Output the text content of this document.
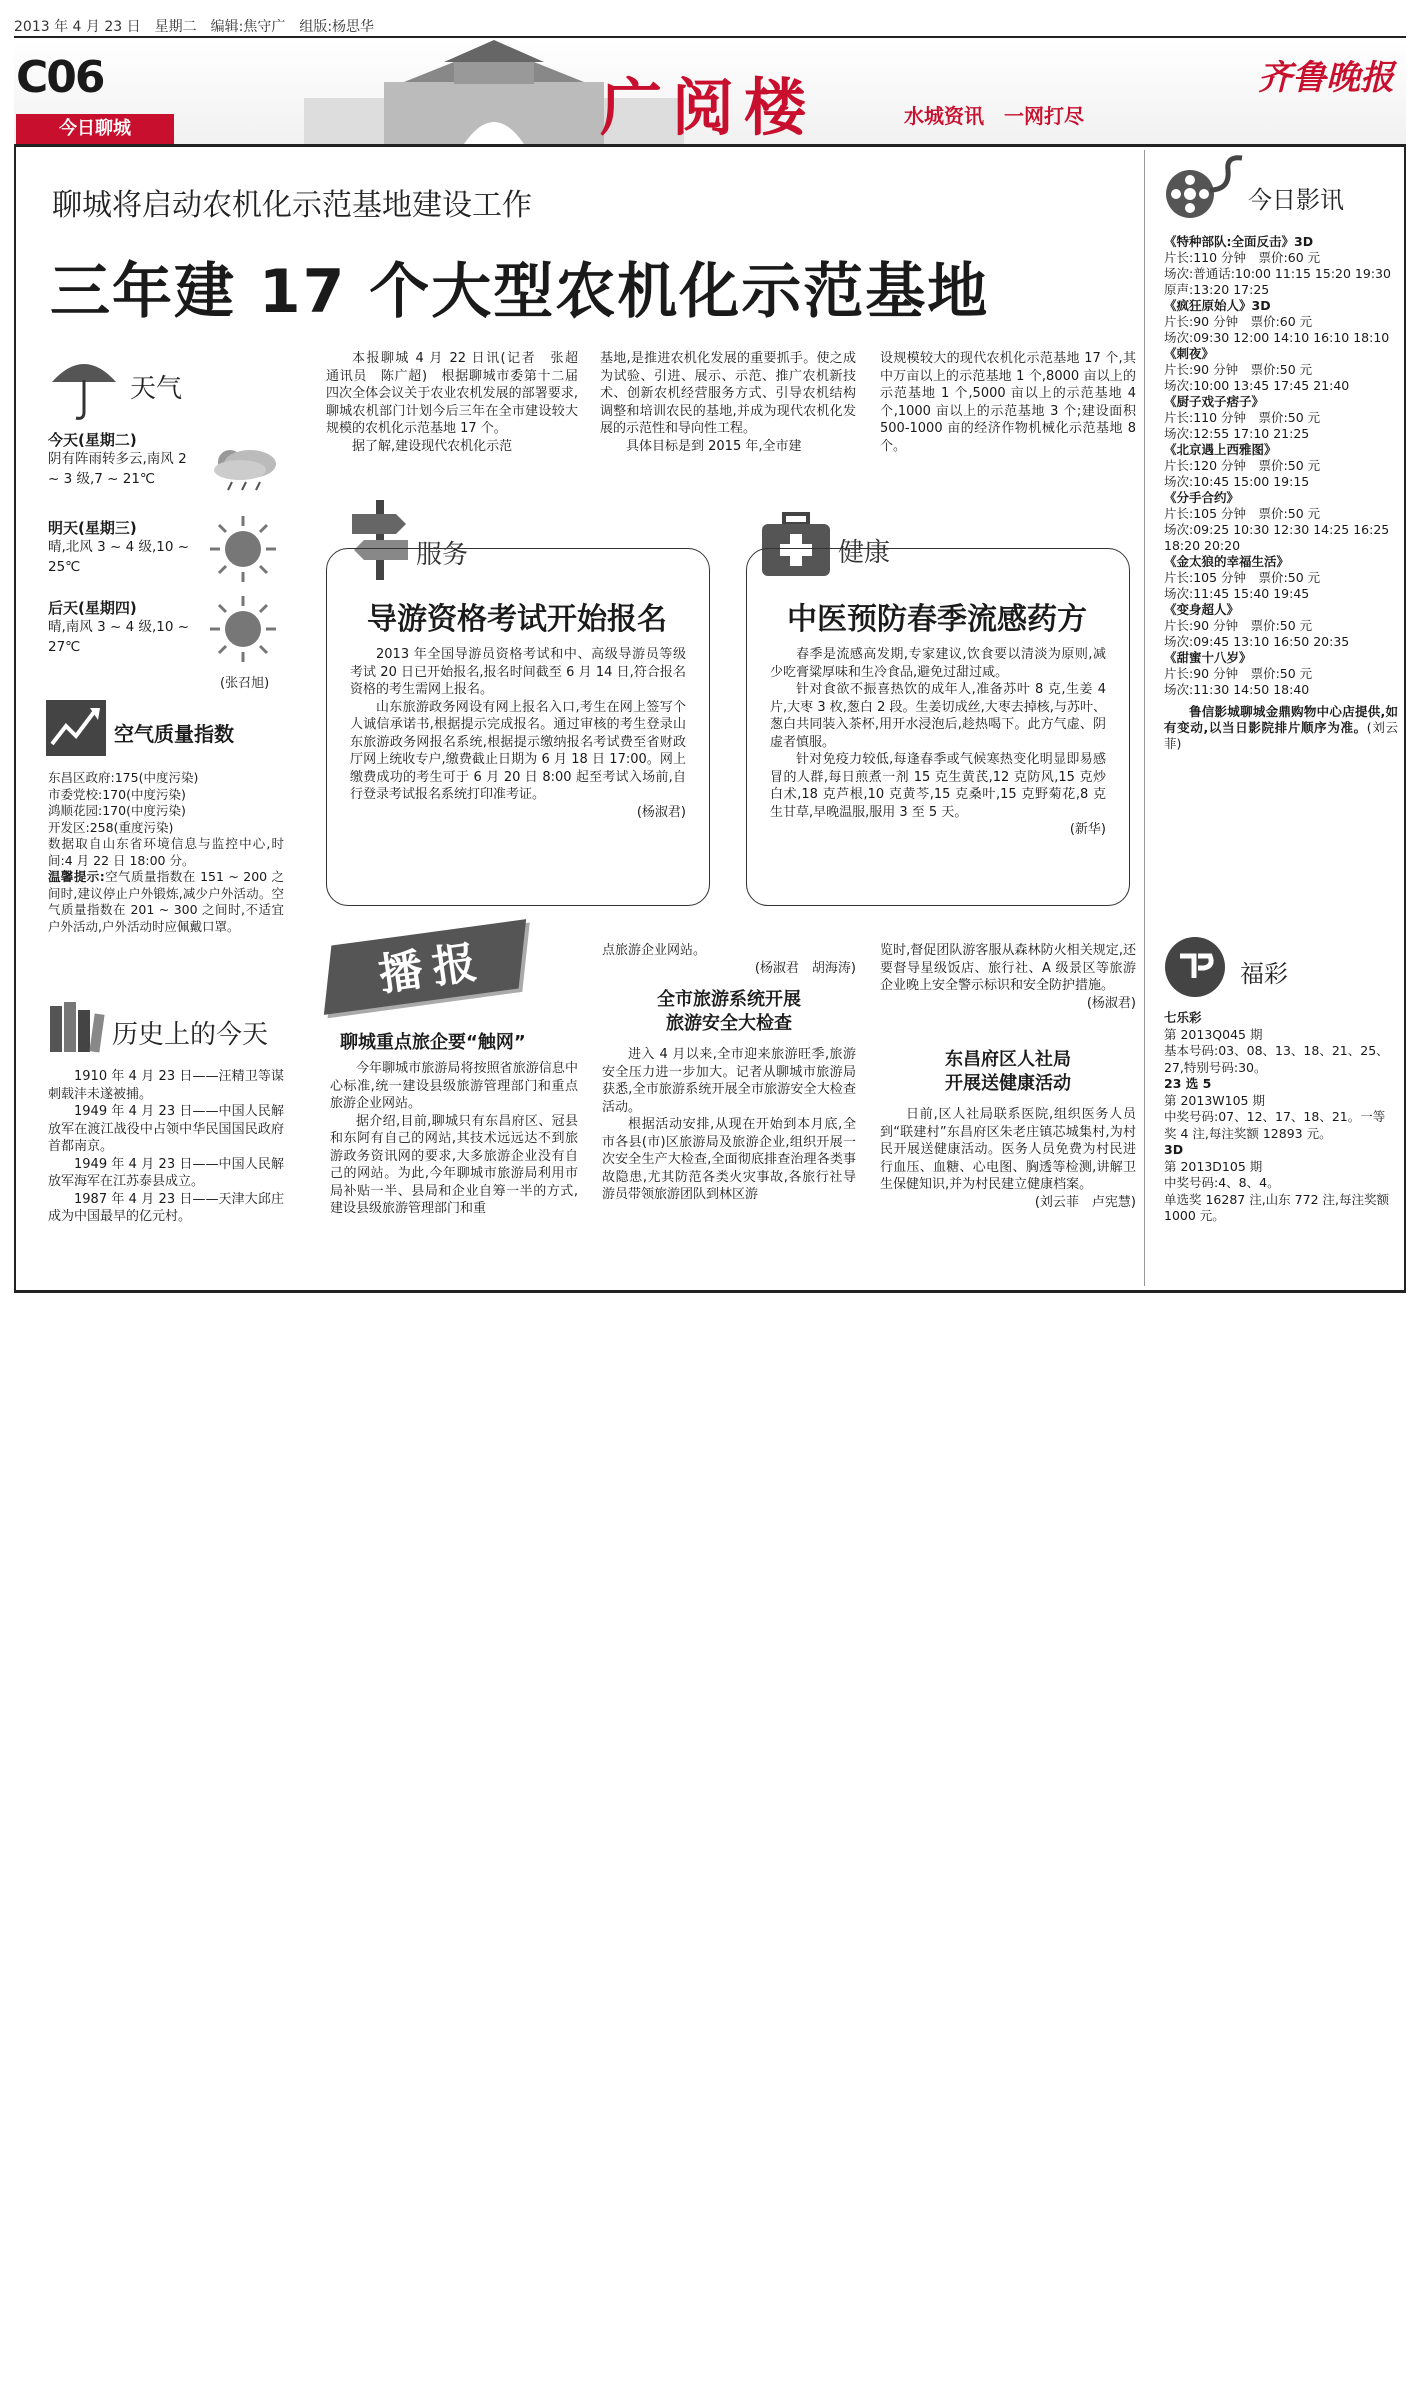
2013 年 4 月 23 日　星期二　编辑:焦守广　组版:杨思华
C06
今日聊城	广阅楼	水城资讯　一网打尽
齐鲁晚报
聊城将启动农机化示范基地建设工作
三年建 17 个大型农机化示范基地

本报聊城 4 月 22 日讯(记者　张超　通讯员　陈广超)　根据聊城市委第十二届四次全体会议关于农业农机发展的部署要求,聊城农机部门计划今后三年在全市建设较大规模的农机化示范基地 17 个。

据了解,建设现代农机化示范

基地,是推进农机化发展的重要抓手。使之成为试验、引进、展示、示范、推广农机新技术、创新农机经营服务方式、引导农机结构调整和培训农民的基地,并成为现代农机化发展的示范性和导向性工程。

具体目标是到 2015 年,全市建

设规模较大的现代农机化示范基地 17 个,其中万亩以上的示范基地 1 个,8000 亩以上的示范基地 1 个,5000 亩以上的示范基地 4 个,1000 亩以上的示范基地 3 个;建设面积 500-1000 亩的经济作物机械化示范基地 8 个。

天气
今天(星期二)
阴有阵雨转多云,南风 2 ~ 3 级,7 ~ 21℃
明天(星期三)
晴,北风 3 ~ 4 级,10 ~ 25℃
后天(星期四)
晴,南风 3 ~ 4 级,10 ~ 27℃
(张召旭)
空气质量指数
东昌区政府:175(中度污染)
市委党校:170(中度污染)
鸿顺花园:170(中度污染)
开发区:258(重度污染)
数据取自山东省环境信息与监控中心,时间:4 月 22 日 18:00 分。
温馨提示:空气质量指数在 151 ~ 200 之间时,建议停止户外锻炼,减少户外活动。空气质量指数在 201 ~ 300 之间时,不适宜户外活动,户外活动时应佩戴口罩。
历史上的今天

1910 年 4 月 23 日——汪精卫等谋刺载沣未遂被捕。

1949 年 4 月 23 日——中国人民解放军在渡江战役中占领中华民国国民政府首都南京。

1949 年 4 月 23 日——中国人民解放军海军在江苏泰县成立。

1987 年 4 月 23 日——天津大邱庄成为中国最早的亿元村。

服务
导游资格考试开始报名

2013 年全国导游员资格考试和中、高级导游员等级考试 20 日已开始报名,报名时间截至 6 月 14 日,符合报名资格的考生需网上报名。

山东旅游政务网设有网上报名入口,考生在网上签写个人诚信承诺书,根据提示完成报名。通过审核的考生登录山东旅游政务网报名系统,根据提示缴纳报名考试费至省财政厅网上统收专户,缴费截止日期为 6 月 18 日 17:00。网上缴费成功的考生可于 6 月 20 日 8:00 起至考试入场前,自行登录考试报名系统打印准考证。

(杨淑君)
健康
中医预防春季流感药方

春季是流感高发期,专家建议,饮食要以清淡为原则,减少吃膏粱厚味和生冷食品,避免过甜过咸。

针对食欲不振喜热饮的成年人,准备苏叶 8 克,生姜 4 片,大枣 3 枚,葱白 2 段。生姜切成丝,大枣去掉核,与苏叶、葱白共同装入茶杯,用开水浸泡后,趁热喝下。此方气虚、阴虚者慎服。

针对免疫力较低,每逢春季或气候寒热变化明显即易感冒的人群,每日煎煮一剂 15 克生黄芪,12 克防风,15 克炒白术,18 克芦根,10 克黄芩,15 克桑叶,15 克野菊花,8 克生甘草,早晚温服,服用 3 至 5 天。

(新华)
播报
聊城重点旅企要“触网”

今年聊城市旅游局将按照省旅游信息中心标准,统一建设县级旅游管理部门和重点旅游企业网站。

据介绍,目前,聊城只有东昌府区、冠县和东阿有自己的网站,其技术远远达不到旅游政务资讯网的要求,大多旅游企业没有自己的网站。为此,今年聊城市旅游局利用市局补贴一半、县局和企业自筹一半的方式,建设县级旅游管理部门和重

点旅游企业网站。

(杨淑君　胡海涛)
全市旅游系统开展
旅游安全大检查

进入 4 月以来,全市迎来旅游旺季,旅游安全压力进一步加大。记者从聊城市旅游局获悉,全市旅游系统开展全市旅游安全大检查活动。

根据活动安排,从现在开始到本月底,全市各县(市)区旅游局及旅游企业,组织开展一次安全生产大检查,全面彻底排查治理各类事故隐患,尤其防范各类火灾事故,各旅行社导游员带领旅游团队到林区游

览时,督促团队游客服从森林防火相关规定,还要督导星级饭店、旅行社、A 级景区等旅游企业晚上安全警示标识和安全防护措施。

(杨淑君)
东昌府区人社局
开展送健康活动

日前,区人社局联系医院,组织医务人员到“联建村”东昌府区朱老庄镇芯城集村,为村民开展送健康活动。医务人员免费为村民进行血压、血糖、心电图、胸透等检测,讲解卫生保健知识,并为村民建立健康档案。

(刘云菲　卢宪慧)
今日影讯
《特种部队:全面反击》3D
片长:110 分钟　票价:60 元
场次:普通话:10:00 11:15 15:20 19:30　原声:13:20 17:25
《疯狂原始人》3D
片长:90 分钟　票价:60 元
场次:09:30 12:00 14:10 16:10 18:10
《刺夜》
片长:90 分钟　票价:50 元
场次:10:00 13:45 17:45 21:40
《厨子戏子痞子》
片长:110 分钟　票价:50 元
场次:12:55 17:10 21:25
《北京遇上西雅图》
片长:120 分钟　票价:50 元
场次:10:45 15:00 19:15
《分手合约》
片长:105 分钟　票价:50 元
场次:09:25 10:30 12:30 14:25 16:25 18:20 20:20
《金太狼的幸福生活》
片长:105 分钟　票价:50 元
场次:11:45 15:40 19:45
《变身超人》
片长:90 分钟　票价:50 元
场次:09:45 13:10 16:50 20:35
《甜蜜十八岁》
片长:90 分钟　票价:50 元
场次:11:30 14:50 18:40
鲁信影城聊城金鼎购物中心店提供,如有变动,以当日影院排片顺序为准。(刘云菲)
福彩
七乐彩
第 2013Q045 期
基本号码:03、08、13、18、21、25、27,特别号码:30。
23 选 5
第 2013W105 期
中奖号码:07、12、17、18、21。一等奖 4 注,每注奖额 12893 元。
3D
第 2013D105 期
中奖号码:4、8、4。
单选奖 16287 注,山东 772 注,每注奖额 1000 元。
